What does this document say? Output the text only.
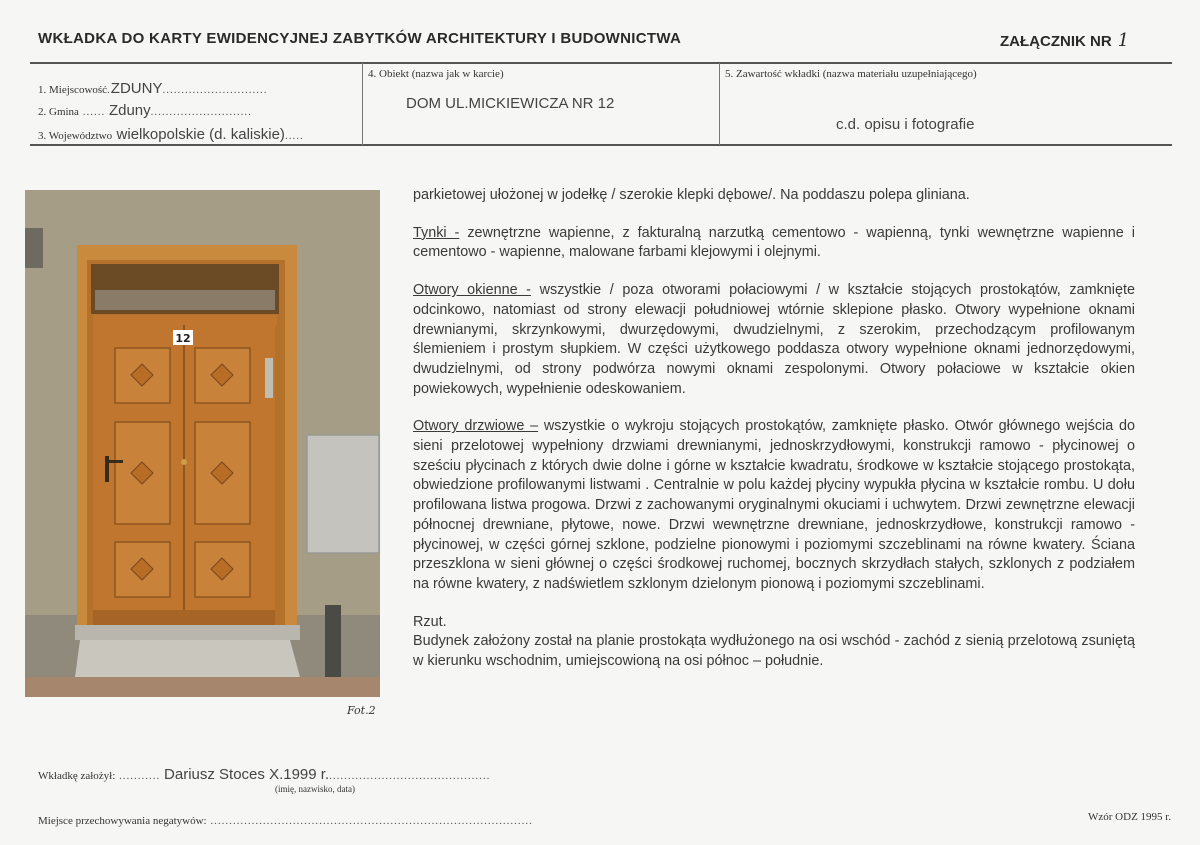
WKŁADKA DO KARTY EWIDENCYJNEJ ZABYTKÓW ARCHITEKTURY I BUDOWNICTWA	ZAŁĄCZNIK NR 1
1. Miejscowość.ZDUNY............................
2. Gmina ...... Zduny...........................
3. Województwo wielkopolskie (d. kaliskie).....
4. Obiekt (nazwa jak w karcie)
DOM UL.MICKIEWICZA NR 12
5. Zawartość wkładki (nazwa materiału uzupełniającego)
c.d. opisu i fotografie
12
Fot.2

parkietowej ułożonej w jodełkę / szerokie klepki dębowe/. Na poddaszu polepa gliniana.

Tynki - zewnętrzne wapienne, z fakturalną narzutką cementowo - wapienną, tynki wewnętrzne wapienne i cementowo - wapienne, malowane farbami klejowymi i olejnymi.

Otwory okienne - wszystkie / poza otworami połaciowymi / w kształcie stojących prostokątów, zamknięte odcinkowo, natomiast od strony elewacji południowej wtórnie sklepione płasko. Otwory wypełnione oknami drewnianymi, skrzynkowymi, dwurzędowymi, dwudzielnymi, z szerokim, przechodzącym profilowanym ślemieniem i prostym słupkiem. W części użytkowego poddasza otwory wypełnione oknami jednorzędowymi, dwudzielnymi, od strony podwórza nowymi oknami zespolonymi. Otwory połaciowe w kształcie okien powiekowych, wypełnienie odeskowaniem.

Otwory drzwiowe – wszystkie o wykroju stojących prostokątów, zamknięte płasko. Otwór głównego wejścia do sieni przelotowej wypełniony drzwiami drewnianymi, jednoskrzydłowymi, konstrukcji ramowo - płycinowej o sześciu płycinach z których dwie dolne i górne w kształcie kwadratu, środkowe w kształcie stojącego prostokąta, obwiedzione profilowanymi listwami . Centralnie w polu każdej płyciny wypukła płycina w kształcie rombu. U dołu profilowana listwa progowa. Drzwi z zachowanymi oryginalnymi okuciami i uchwytem. Drzwi zewnętrzne elewacji północnej drewniane, płytowe, nowe. Drzwi wewnętrzne drewniane, jednoskrzydłowe, konstrukcji ramowo - płycinowej, w części górnej szklone, podzielne pionowymi i poziomymi szczeblinami na równe kwatery. Ściana przeszklona w sieni głównej o części środkowej ruchomej, bocznych skrzydłach stałych, szklonych z podziałem na równe kwatery, z nadświetlem szklonym dzielonym pionową i poziomymi szczeblinami.

Rzut.
Budynek założony został na planie prostokąta wydłużonego na osi wschód - zachód z sienią przelotową zsuniętą w kierunku wschodnim, umiejscowioną na osi północ – południe.

Wkładkę założył: ........... Dariusz Stoces X.1999 r............................................
(imię, nazwisko, data)
Miejsce przechowywania negatywów: ......................................................................................	Wzór ODZ 1995 r.
